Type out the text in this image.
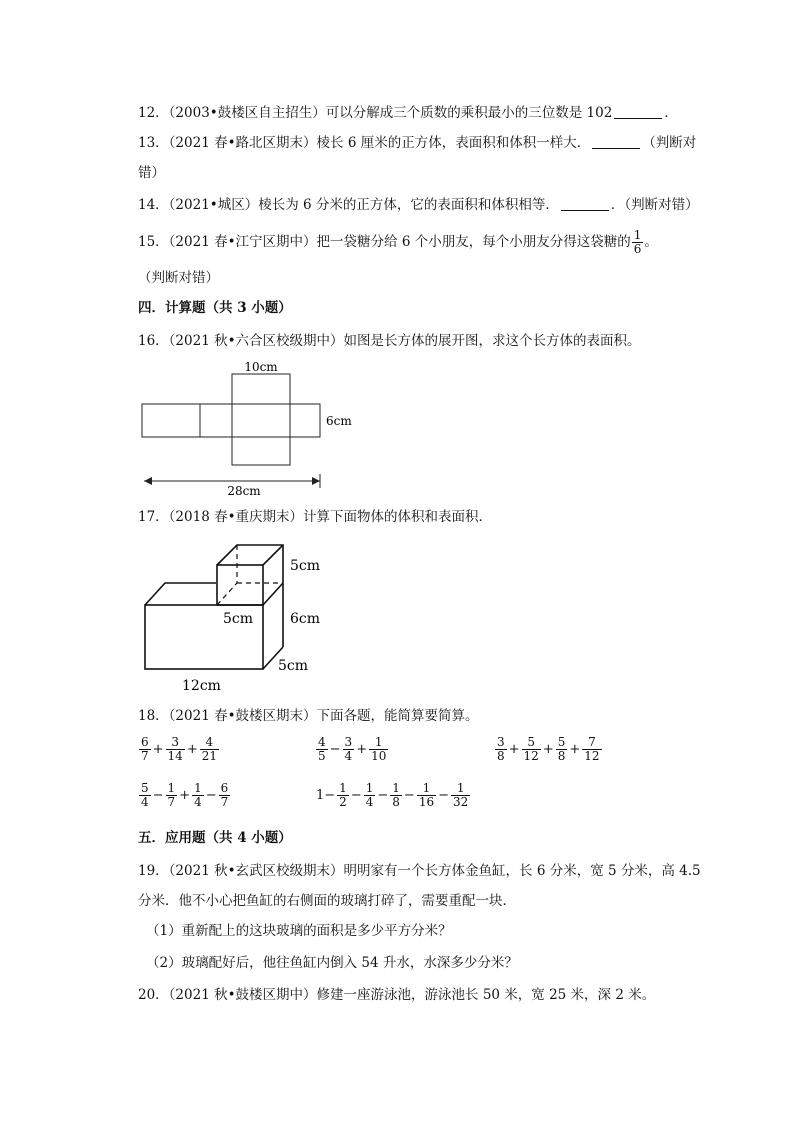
12．（2003•鼓楼区自主招生）可以分解成三个质数的乘积最小的三位数是 102	．
13．（2021 春•路北区期末）棱长 6 厘米的正方体，表面积和体积一样大．	（判断对
错）
14．（2021•城区）棱长为 6 分米的正方体，它的表面积和体积相等．	．（判断对错）
15．（2021 春•江宁区期中）把一袋糖分给 6 个小朋友，每个小朋友分得这袋糖的 $\frac{1}{6}$ 。
（判断对错）
四．计算题（共 3 小题）
16．（2021 秋•六合区校级期中）如图是长方体的展开图，求这个长方体的表面积。
10cm
6cm
28cm
17．（2018 春•重庆期末）计算下面物体的体积和表面积．
5cm
5cm	6cm
5cm
12cm
18．（2021 春•鼓楼区期末）下面各题，能简算要简算。
$\frac{6}{7} + \frac{3}{14} + \frac{4}{21}$	$\frac{4}{5} - \frac{3}{4} + \frac{1}{10}$	$\frac{3}{8} + \frac{5}{12} + \frac{5}{8} + \frac{7}{12}$
$\frac{5}{4} - \frac{1}{7} + \frac{1}{4} - \frac{6}{7}$	$1- \frac{1}{2} - \frac{1}{4} - \frac{1}{8} - \frac{1}{16} - \frac{1}{32}$
五．应用题（共 4 小题）
19．（2021 秋•玄武区校级期末）明明家有一个长方体金鱼缸，长 6 分米，宽 5 分米，高 4.5
分米．他不小心把鱼缸的右侧面的玻璃打碎了，需要重配一块．
（1）重新配上的这块玻璃的面积是多少平方分米？
（2）玻璃配好后，他往鱼缸内倒入 54 升水，水深多少分米？
20．（2021 秋•鼓楼区期中）修建一座游泳池，游泳池长 50 米，宽 25 米，深 2 米。
